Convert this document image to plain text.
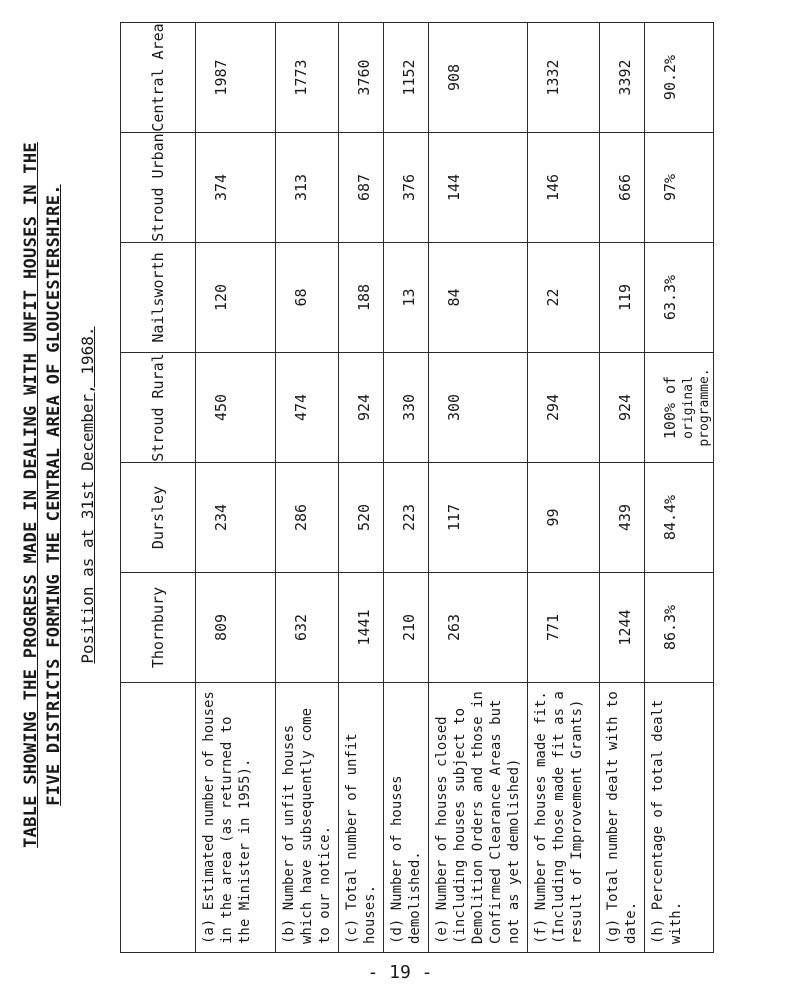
TABLE SHOWING THE PROGRESS MADE IN DEALING WITH UNFIT HOUSES IN THE FIVE DISTRICTS FORMING THE CENTRAL AREA OF GLOUCESTERSHIRE. Position as at 31st December, 1968.
		Thornbury	Dursley	Stroud Rural	Nailsworth	Stroud Urban	Central Area
(a) Estimated number of houses in the area (as returned to the Minister in 1955).	809	234	450	120	374	1987
(b) Number of unfit houses which have subsequently come to our notice.	632	286	474	68	313	1773
(c) Total number of unfit houses.	1441	520	924	188	687	3760
(d) Number of houses demolished.	210	223	330	13	376	1152
(e) Number of houses closed (including houses subject to Demolition Orders and those in Confirmed Clearance Areas but not as yet demolished)	263	117	300	84	144	908
(f) Number of houses made fit. (Including those made fit as a result of Improvement Grants)	771	99	294	22	146	1332
(g) Total number dealt with to date.	1244	439	924	119	666	3392
(h) Percentage of total dealt with.	86.3%	84.4%	100% of original programme.	63.3%	97%	90.2%
- 19 -
